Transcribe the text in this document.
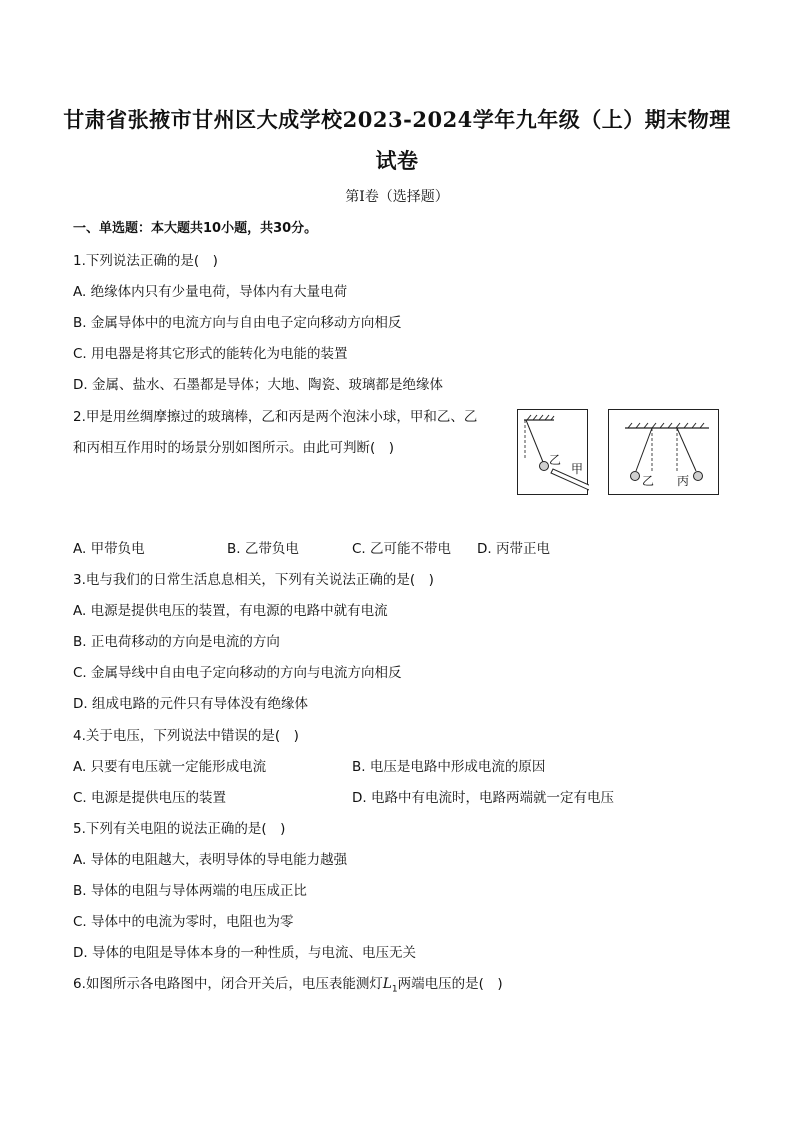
甘肃省张掖市甘州区大成学校2023-2024学年九年级（上）期末物理
试卷
第Ⅰ卷（选择题）
一、单选题：本大题共10小题，共30分。
1.下列说法正确的是(　)
A. 绝缘体内只有少量电荷，导体内有大量电荷
B. 金属导体中的电流方向与自由电子定向移动方向相反
C. 用电器是将其它形式的能转化为电能的装置
D. 金属、盐水、石墨都是导体；大地、陶瓷、玻璃都是绝缘体
2.甲是用丝绸摩擦过的玻璃棒，乙和丙是两个泡沫小球，甲和乙、乙
和丙相互作用时的场景分别如图所示。由此可判断(　)
乙
甲
乙 丙
A. 甲带负电	B. 乙带负电	C. 乙可能不带电 D. 丙带正电
3.电与我们的日常生活息息相关，下列有关说法正确的是(　)
A. 电源是提供电压的装置，有电源的电路中就有电流
B. 正电荷移动的方向是电流的方向
C. 金属导线中自由电子定向移动的方向与电流方向相反
D. 组成电路的元件只有导体没有绝缘体
4.关于电压，下列说法中错误的是(　)
A. 只要有电压就一定能形成电流	B. 电压是电路中形成电流的原因
C. 电源是提供电压的装置	D. 电路中有电流时，电路两端就一定有电压
5.下列有关电阻的说法正确的是(　)
A. 导体的电阻越大，表明导体的导电能力越强
B. 导体的电阻与导体两端的电压成正比
C. 导体中的电流为零时，电阻也为零
D. 导体的电阻是导体本身的一种性质，与电流、电压无关
6.如图所示各电路图中，闭合开关后，电压表能测灯$L_1$两端电压的是(　)
